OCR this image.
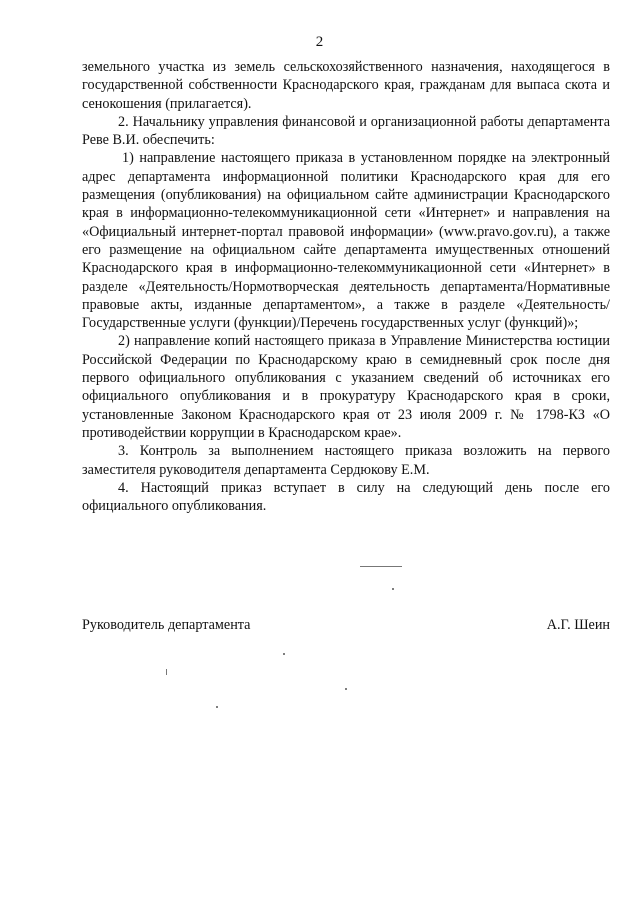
2

земельного участка из земель сельскохозяйственного назначения, находящегося в государственной собственности Краснодарского края, гражданам для выпаса скота и сенокошения (прилагается).

2. Начальнику управления финансовой и организационной работы департамента Реве В.И. обеспечить:

1) направление настоящего приказа в установленном порядке на электронный адрес департамента информационной политики Краснодарского края для его размещения (опубликования) на официальном сайте администрации Краснодарского края в информационно-телекоммуникационной сети «Интернет» и направления на «Официальный интернет-портал правовой информации» (www.pravo.gov.ru), а также его размещение на официальном сайте департамента имущественных отношений Краснодарского края в информационно-телекоммуникационной сети «Интернет» в разделе «Деятельность/Нормотворческая деятельность департамента/Нормативные правовые акты, изданные департаментом», а также в разделе «Деятельность/ Государственные услуги (функции)/Перечень государственных услуг (функций)»;

2) направление копий настоящего приказа в Управление Министерства юстиции Российской Федерации по Краснодарскому краю в семидневный срок после дня первого официального опубликования с указанием сведений об источниках его официального опубликования и в прокуратуру Краснодарского края в сроки, установленные Законом Краснодарского края от 23 июля 2009 г. № 1798-КЗ «О противодействии коррупции в Краснодарском крае».

3. Контроль за выполнением настоящего приказа возложить на первого заместителя руководителя департамента Сердюкову Е.М.

4. Настоящий приказ вступает в силу на следующий день после его официального опубликования.

Руководитель департамента	А.Г. Шеин
